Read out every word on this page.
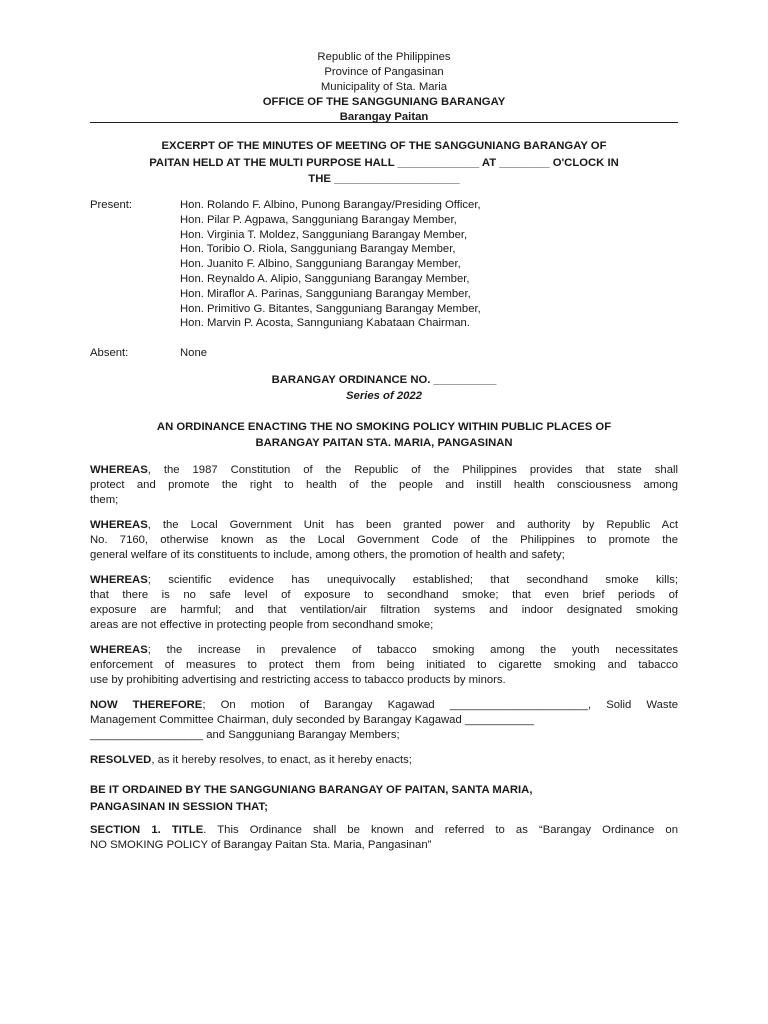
Republic of the Philippines
Province of Pangasinan
Municipality of Sta. Maria
OFFICE OF THE SANGGUNIANG BARANGAY
Barangay Paitan
EXCERPT OF THE MINUTES OF MEETING OF THE SANGGUNIANG BARANGAY OF
PAITAN HELD AT THE MULTI PURPOSE HALL _____________ AT ________ O'CLOCK IN
THE ____________________
Present:	Hon. Rolando F. Albino, Punong Barangay/Presiding Officer,
Hon. Pilar P. Agpawa, Sangguniang Barangay Member,
Hon. Virginia T. Moldez, Sangguniang Barangay Member,
Hon. Toribio O. Riola, Sangguniang Barangay Member,
Hon. Juanito F. Albino, Sangguniang Barangay Member,
Hon. Reynaldo A. Alipio, Sangguniang Barangay Member,
Hon. Miraflor A. Parinas, Sangguniang Barangay Member,
Hon. Primitivo G. Bitantes, Sangguniang Barangay Member,
Hon. Marvin P. Acosta, Sannguniang Kabataan Chairman.
Absent:	None
BARANGAY ORDINANCE NO. __________
Series of 2022
AN ORDINANCE ENACTING THE NO SMOKING POLICY WITHIN PUBLIC PLACES OF
BARANGAY PAITAN STA. MARIA, PANGASINAN
WHEREAS, the 1987 Constitution of the Republic of the Philippines provides that state shall
protect and promote the right to health of the people and instill health consciousness among
them;
WHEREAS, the Local Government Unit has been granted power and authority by Republic Act
No. 7160, otherwise known as the Local Government Code of the Philippines to promote the
general welfare of its constituents to include, among others, the promotion of health and safety;
WHEREAS; scientific evidence has unequivocally established; that secondhand smoke kills;
that there is no safe level of exposure to secondhand smoke; that even brief periods of
exposure are harmful; and that ventilation/air filtration systems and indoor designated smoking
areas are not effective in protecting people from secondhand smoke;
WHEREAS; the increase in prevalence of tabacco smoking among the youth necessitates
enforcement of measures to protect them from being initiated to cigarette smoking and tabacco
use by prohibiting advertising and restricting access to tabacco products by minors.
NOW THEREFORE; On motion of Barangay Kagawad ______________________, Solid Waste
Management Committee Chairman, duly seconded by Barangay Kagawad ___________
__________________ and Sangguniang Barangay Members;
RESOLVED, as it hereby resolves, to enact, as it hereby enacts;
BE IT ORDAINED BY THE SANGGUNIANG BARANGAY OF PAITAN, SANTA MARIA,
PANGASINAN IN SESSION THAT;
SECTION 1. TITLE. This Ordinance shall be known and referred to as “Barangay Ordinance on
NO SMOKING POLICY of Barangay Paitan Sta. Maria, Pangasinan”
